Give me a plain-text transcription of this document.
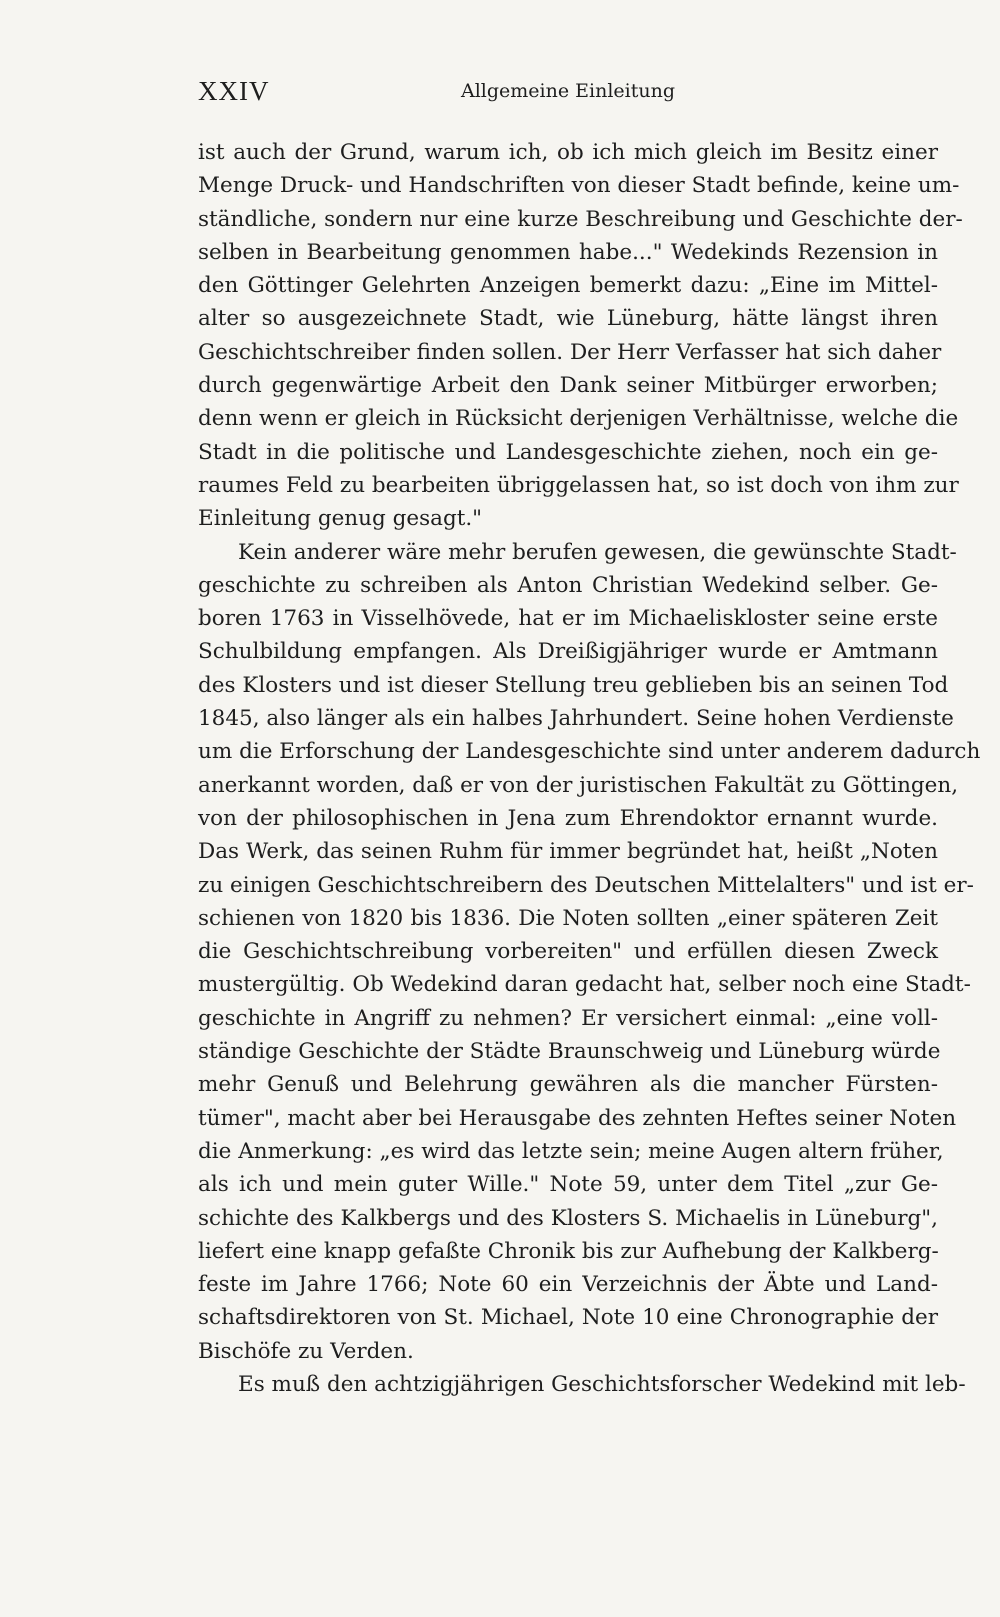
XXIV	Allgemeine Einleitung
ist auch der Grund, warum ich, ob ich mich gleich im Besitz einer
Menge Druck- und Handschriften von dieser Stadt befinde, keine um-
ständliche, sondern nur eine kurze Beschreibung und Geschichte der-
selben in Bearbeitung genommen habe..." Wedekinds Rezension in
den Göttinger Gelehrten Anzeigen bemerkt dazu: „Eine im Mittel-
alter so ausgezeichnete Stadt, wie Lüneburg, hätte längst ihren
Geschichtschreiber finden sollen. Der Herr Verfasser hat sich daher
durch gegenwärtige Arbeit den Dank seiner Mitbürger erworben;
denn wenn er gleich in Rücksicht derjenigen Verhältnisse, welche die
Stadt in die politische und Landesgeschichte ziehen, noch ein ge-
raumes Feld zu bearbeiten übriggelassen hat, so ist doch von ihm zur
Einleitung genug gesagt."
Kein anderer wäre mehr berufen gewesen, die gewünschte Stadt-
geschichte zu schreiben als Anton Christian Wedekind selber. Ge-
boren 1763 in Visselhövede, hat er im Michaeliskloster seine erste
Schulbildung empfangen. Als Dreißigjähriger wurde er Amtmann
des Klosters und ist dieser Stellung treu geblieben bis an seinen Tod
1845, also länger als ein halbes Jahrhundert. Seine hohen Verdienste
um die Erforschung der Landesgeschichte sind unter anderem dadurch
anerkannt worden, daß er von der juristischen Fakultät zu Göttingen,
von der philosophischen in Jena zum Ehrendoktor ernannt wurde.
Das Werk, das seinen Ruhm für immer begründet hat, heißt „Noten
zu einigen Geschichtschreibern des Deutschen Mittelalters" und ist er-
schienen von 1820 bis 1836. Die Noten sollten „einer späteren Zeit
die Geschichtschreibung vorbereiten" und erfüllen diesen Zweck
mustergültig. Ob Wedekind daran gedacht hat, selber noch eine Stadt-
geschichte in Angriff zu nehmen? Er versichert einmal: „eine voll-
ständige Geschichte der Städte Braunschweig und Lüneburg würde
mehr Genuß und Belehrung gewähren als die mancher Fürsten-
tümer", macht aber bei Herausgabe des zehnten Heftes seiner Noten
die Anmerkung: „es wird das letzte sein; meine Augen altern früher,
als ich und mein guter Wille." Note 59, unter dem Titel „zur Ge-
schichte des Kalkbergs und des Klosters S. Michaelis in Lüneburg",
liefert eine knapp gefaßte Chronik bis zur Aufhebung der Kalkberg-
feste im Jahre 1766; Note 60 ein Verzeichnis der Äbte und Land-
schaftsdirektoren von St. Michael, Note 10 eine Chronographie der
Bischöfe zu Verden.
Es muß den achtzigjährigen Geschichtsforscher Wedekind mit leb-
